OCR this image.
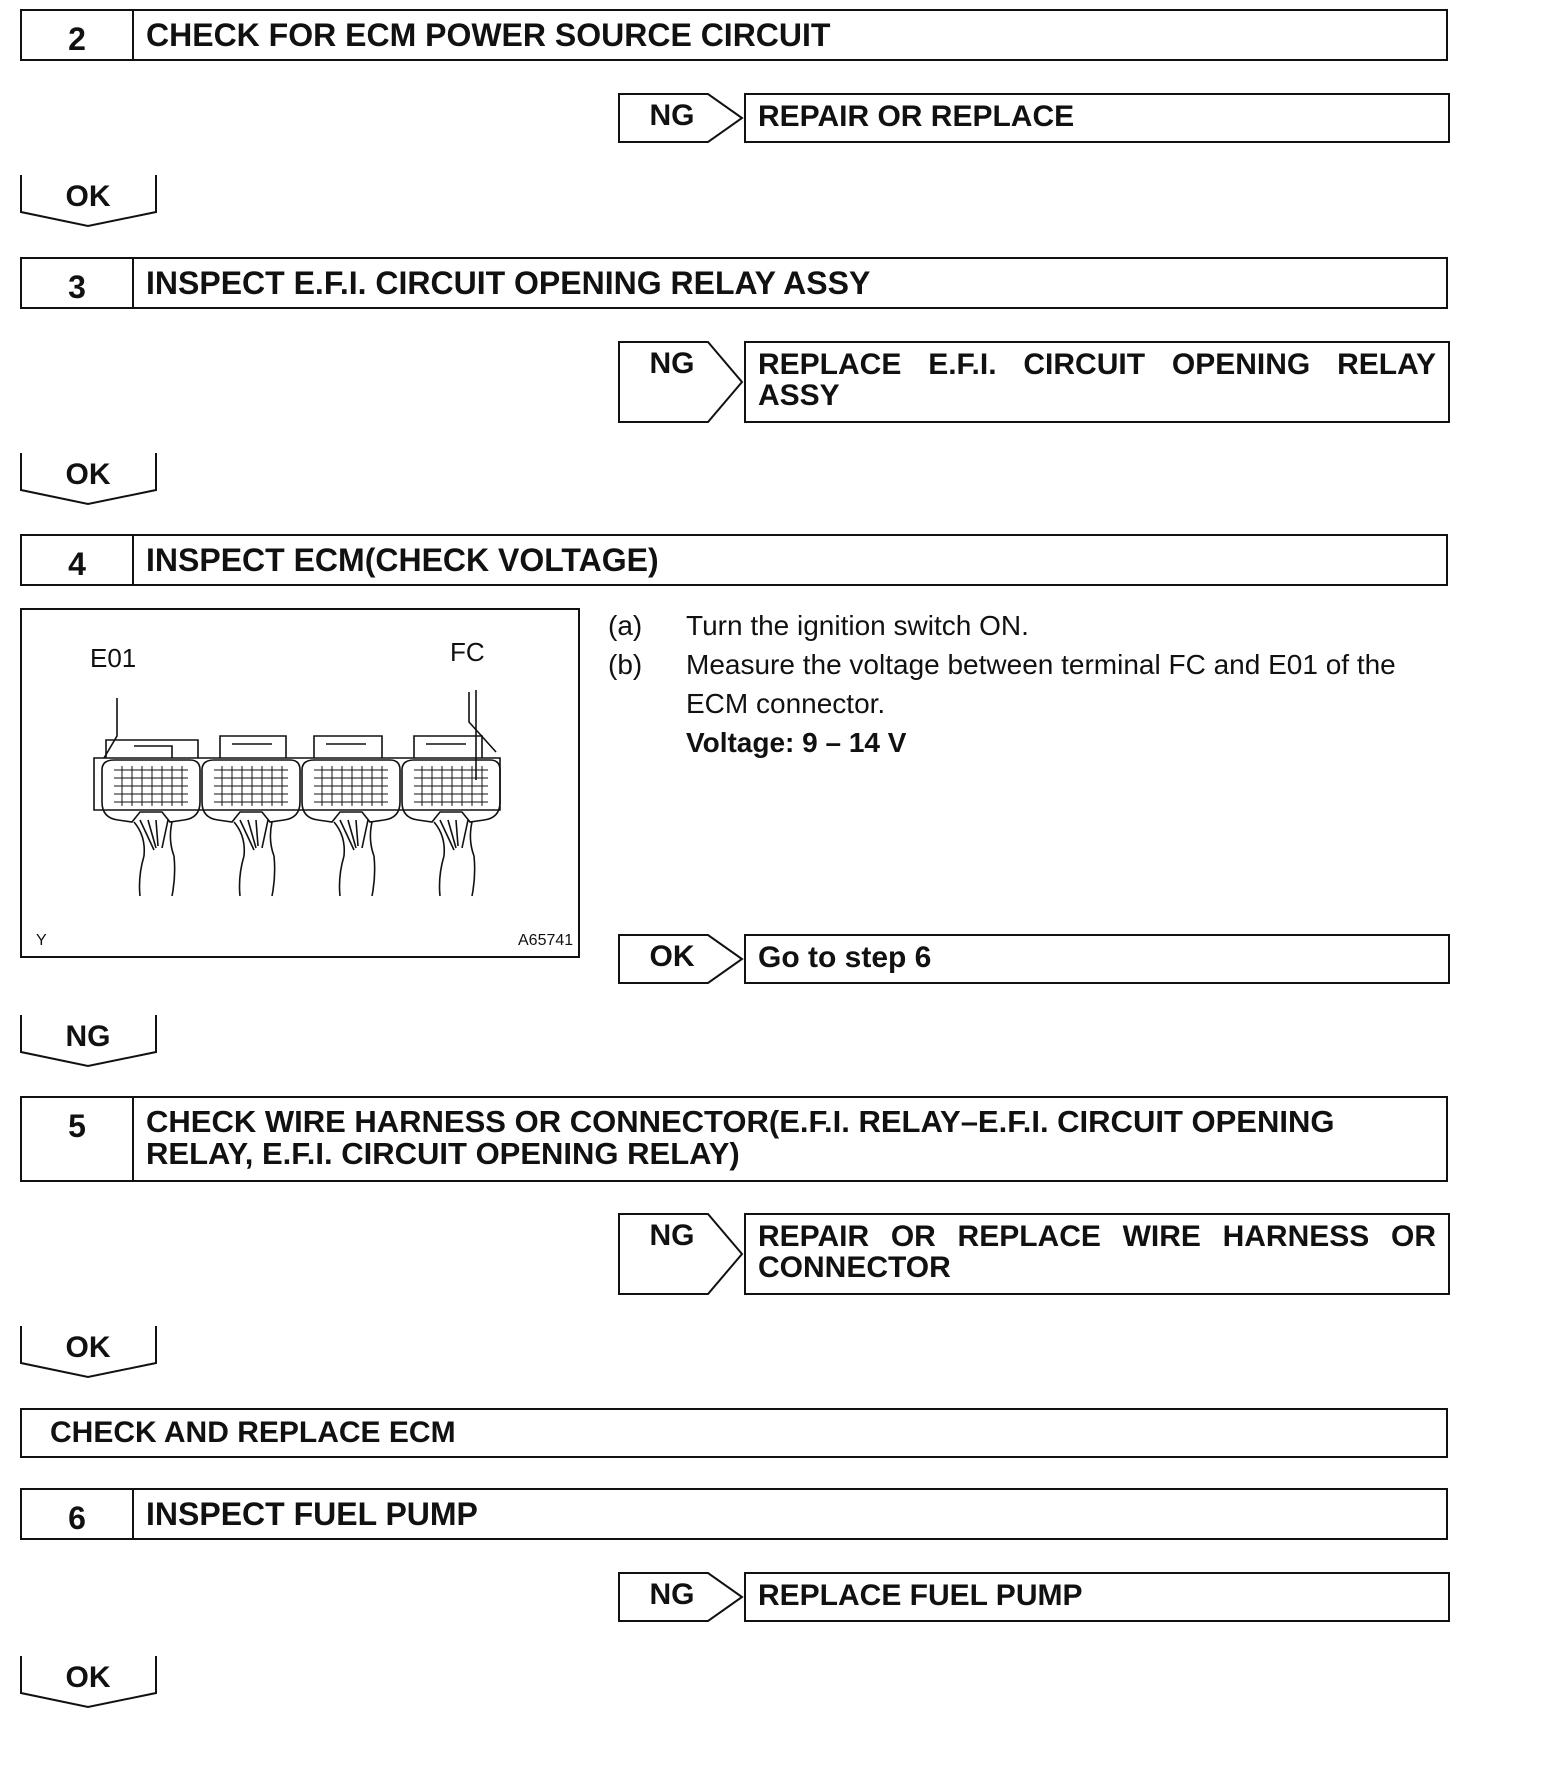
2	CHECK FOR ECM POWER SOURCE CIRCUIT
NG	REPAIR OR REPLACE
OK
3	INSPECT E.F.I. CIRCUIT OPENING RELAY ASSY
NG	REPLACE E.F.I. CIRCUIT OPENING RELAY ASSY
OK
4	INSPECT ECM(CHECK VOLTAGE)
E01	FC
Y	A65741
(a)	Turn the ignition switch ON.
(b)	Measure the voltage between terminal FC and E01 of the ECM connector.
Voltage: 9 – 14 V
OK	Go to step 6
NG
5	CHECK WIRE HARNESS OR CONNECTOR(E.F.I. RELAY–E.F.I. CIRCUIT OPENING RELAY, E.F.I. CIRCUIT OPENING RELAY)
NG	REPAIR OR REPLACE WIRE HARNESS OR CONNECTOR
OK
CHECK AND REPLACE ECM
6	INSPECT FUEL PUMP
NG	REPLACE FUEL PUMP
OK
